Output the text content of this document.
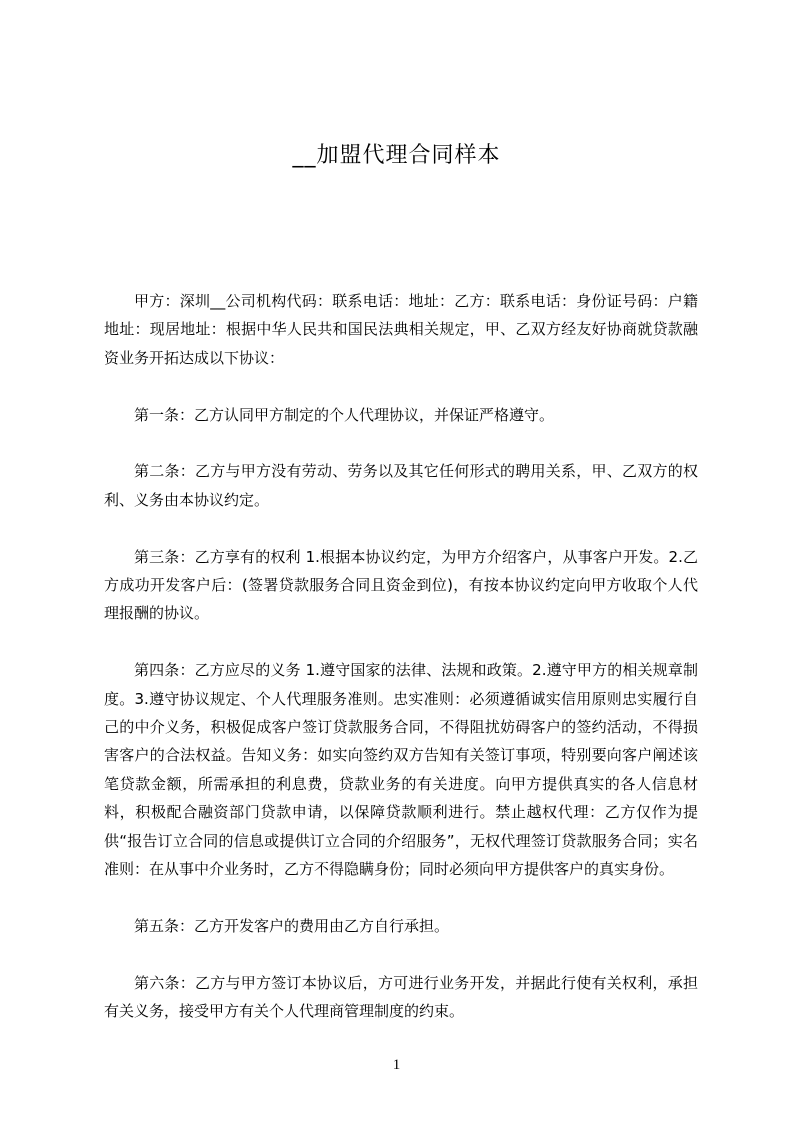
__加盟代理合同样本

甲方：深圳__公司机构代码：联系电话：地址：乙方：联系电话：身份证号码：户籍地址：现居地址：根据中华人民共和国民法典相关规定，甲、乙双方经友好协商就贷款融资业务开拓达成以下协议：

第一条：乙方认同甲方制定的个人代理协议，并保证严格遵守。

第二条：乙方与甲方没有劳动、劳务以及其它任何形式的聘用关系，甲、乙双方的权利、义务由本协议约定。

第三条：乙方享有的权利 1.根据本协议约定，为甲方介绍客户，从事客户开发。2.乙方成功开发客户后：(签署贷款服务合同且资金到位)，有按本协议约定向甲方收取个人代理报酬的协议。

第四条：乙方应尽的义务 1.遵守国家的法律、法规和政策。2.遵守甲方的相关规章制度。3.遵守协议规定、个人代理服务准则。忠实准则：必须遵循诚实信用原则忠实履行自己的中介义务，积极促成客户签订贷款服务合同，不得阻扰妨碍客户的签约活动，不得损害客户的合法权益。告知义务：如实向签约双方告知有关签订事项，特别要向客户阐述该笔贷款金额，所需承担的利息费，贷款业务的有关进度。向甲方提供真实的各人信息材料，积极配合融资部门贷款申请，以保障贷款顺利进行。禁止越权代理：乙方仅作为提供“报告订立合同的信息或提供订立合同的介绍服务”，无权代理签订贷款服务合同；实名准则：在从事中介业务时，乙方不得隐瞒身份；同时必须向甲方提供客户的真实身份。

第五条：乙方开发客户的费用由乙方自行承担。

第六条：乙方与甲方签订本协议后，方可进行业务开发，并据此行使有关权利，承担有关义务，接受甲方有关个人代理商管理制度的约束。

1
